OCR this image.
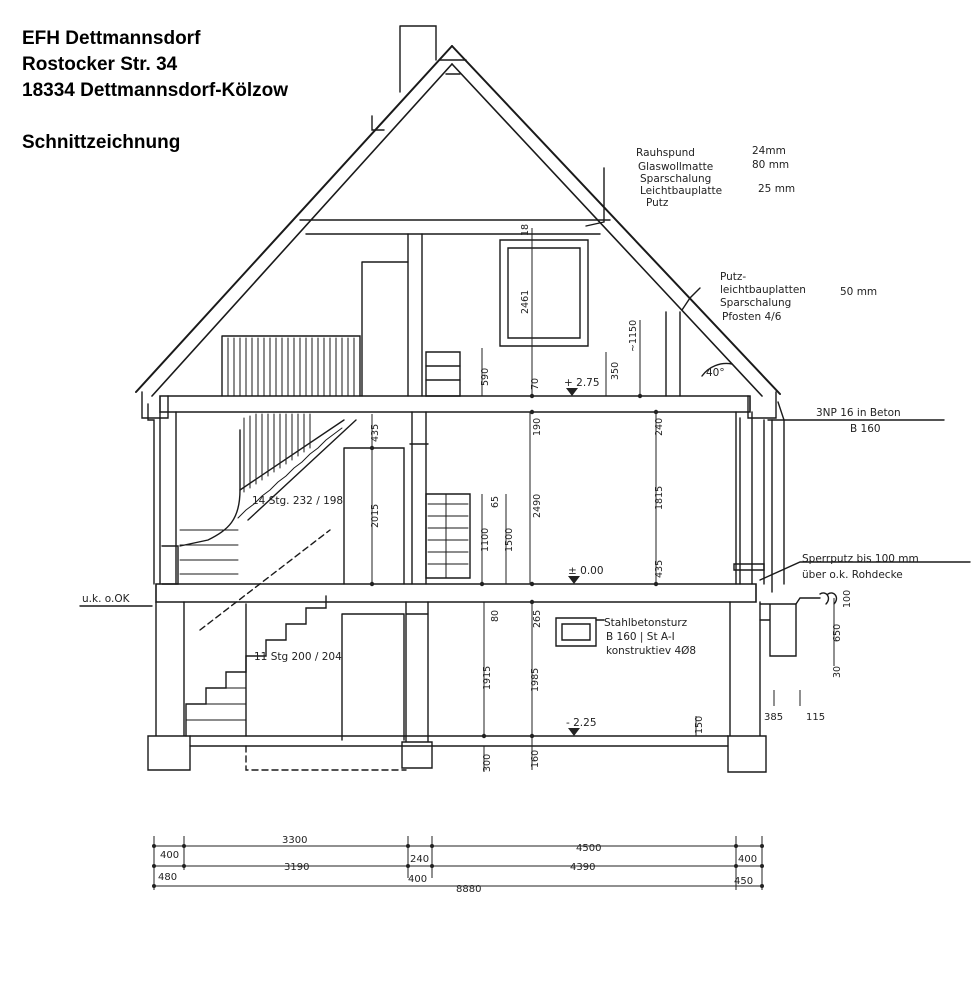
EFH Dettmannsdorf
Rostocker Str. 34
18334 Dettmannsdorf-Kölzow
Schnittzeichnung	Rauhspund	24mm
Glaswollmatte	80 mm
Sparschalung
Leichtbauplatte	25 mm
Putz
Putz-
leichtbauplatten	50 mm
Sparschalung
Pfosten 4/6
40°
3NP 16 in Beton
B 160
Sperrputz bis 100 mm
über o.k. Rohdecke
Stahlbetonsturz
B 160 | St A-I
konstruktiev 4Ø8
14 Stg. 232 / 198
11 Stg 200 / 204
u.k. o.OK
+ 2.75
± 0.00
- 2.25
2461
18
~1150
590	350
70
435	190
2490
240
1815
2015
1100 1500
65
435
80	265
1915	1985
150
300	160
650
100
30
3300
4500
400	400
3190
240
4390
480	400	450
8880
385 115
